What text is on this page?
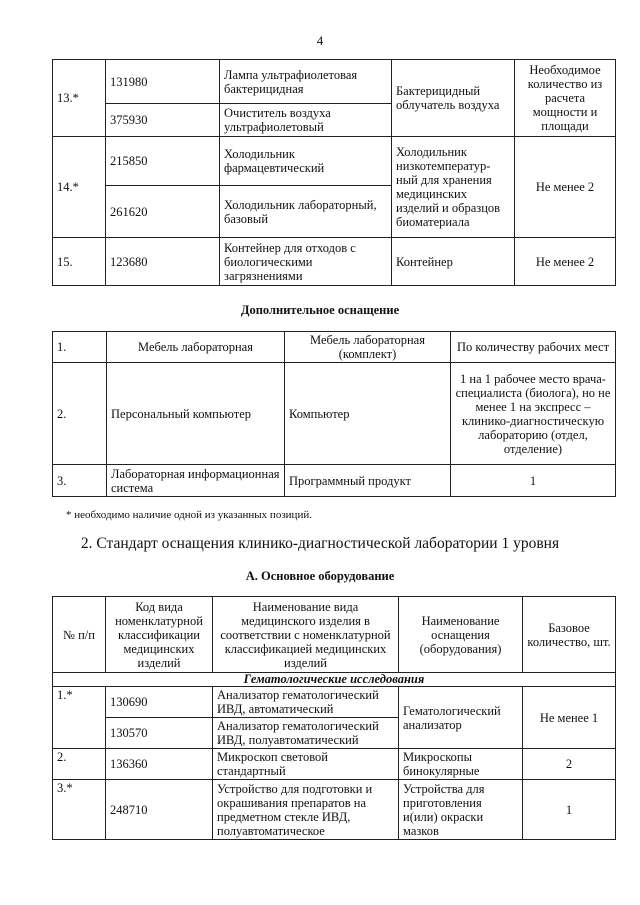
4
13.*	131980	Лампа ультрафиолетовая бактерицидная	Бактерицидный облучатель воздуха	Необходимое количество из расчета мощности и площади
	375930	Очиститель воздуха ультрафиолетовый		
14.*	215850	Холодильник фармацевтический	Холодильник низкотемператур-ный для хранения медицинских изделий и образцов биоматериала	Не менее 2
	261620	Холодильник лабораторный, базовый		
15.	123680	Контейнер для отходов с биологическими загрязнениями	Контейнер	Не менее 2
Дополнительное оснащение
1.	Мебель лабораторная	Мебель лабораторная (комплект)	По количеству рабочих мест
2.	Персональный компьютер	Компьютер	1 на 1 рабочее место врача-специалиста (биолога), но не менее 1 на экспресс – клинико-диагностическую лабораторию (отдел, отделение)
3.	Лабораторная информационная система	Программный продукт	1
* необходимо наличие одной из указанных позиций.
2. Стандарт оснащения клинико-диагностической лаборатории 1 уровня
А. Основное оборудование
№ п/п	Код вида номенклатурной классификации медицинских изделий	Наименование вида медицинского изделия в соответствии с номенклатурной классификацией медицинских изделий	Наименование оснащения (оборудования)	Базовое количество, шт.
Гематологические исследования				
1.*	130690	Анализатор гематологический ИВД, автоматический	Гематологический анализатор	Не менее 1
	130570	Анализатор гематологический ИВД, полуавтоматический		
2.	136360	Микроскоп световой стандартный	Микроскопы бинокулярные	2
3.*	248710	Устройство для подготовки и окрашивания препаратов на предметном стекле ИВД, полуавтоматическое	Устройства для приготовления и(или) окраски мазков	1
